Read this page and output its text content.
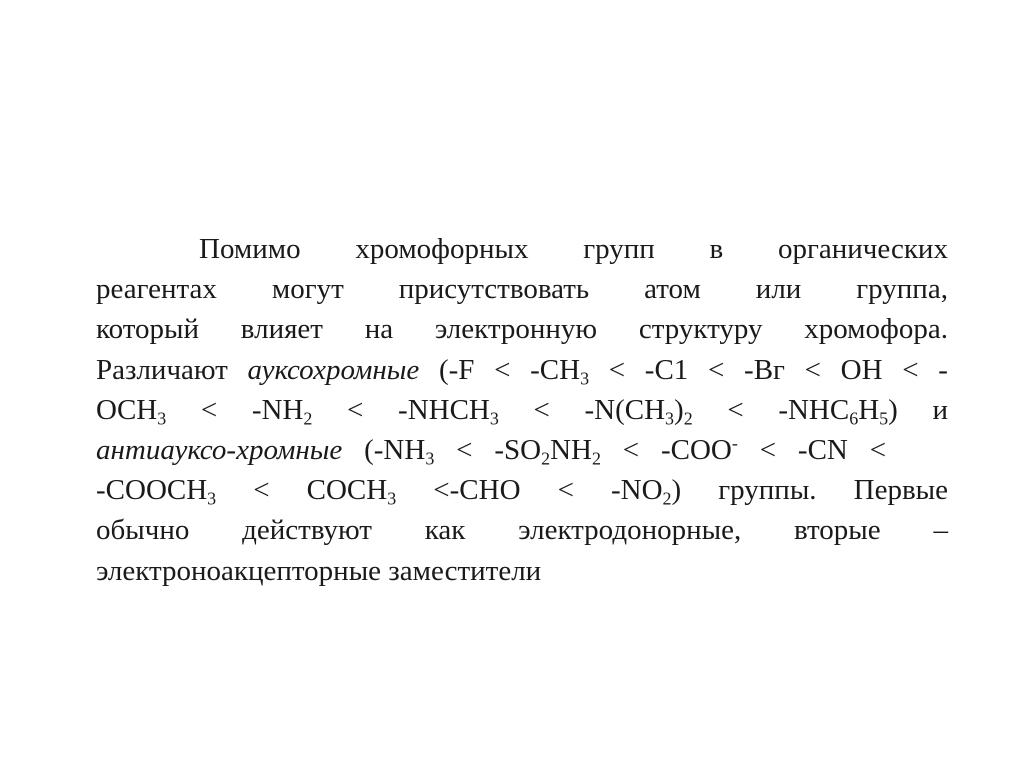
Помимо хромофорных групп в органических
реагентах могут присутствовать атом или группа,
который влияет на электронную структуру хромофора.
Различают ауксохромные ($-F < -CH_3 < -C1 < -Вг$ < OH < -
$OCH_3 < -NH_2$ < $-NHCH_3 < -N(CH_3)_2 < -NHC_6H_5$) и
антиауксо-хромные ($-NH_3 < -SO_2NH_2 < -COO^- < -CN$ <
$-COOCH_3$ < $COCH_3 <-CHO < -NO_2$) группы. Первые
обычно действуют как электродонорные, вторые –
электроноакцепторные заместители
